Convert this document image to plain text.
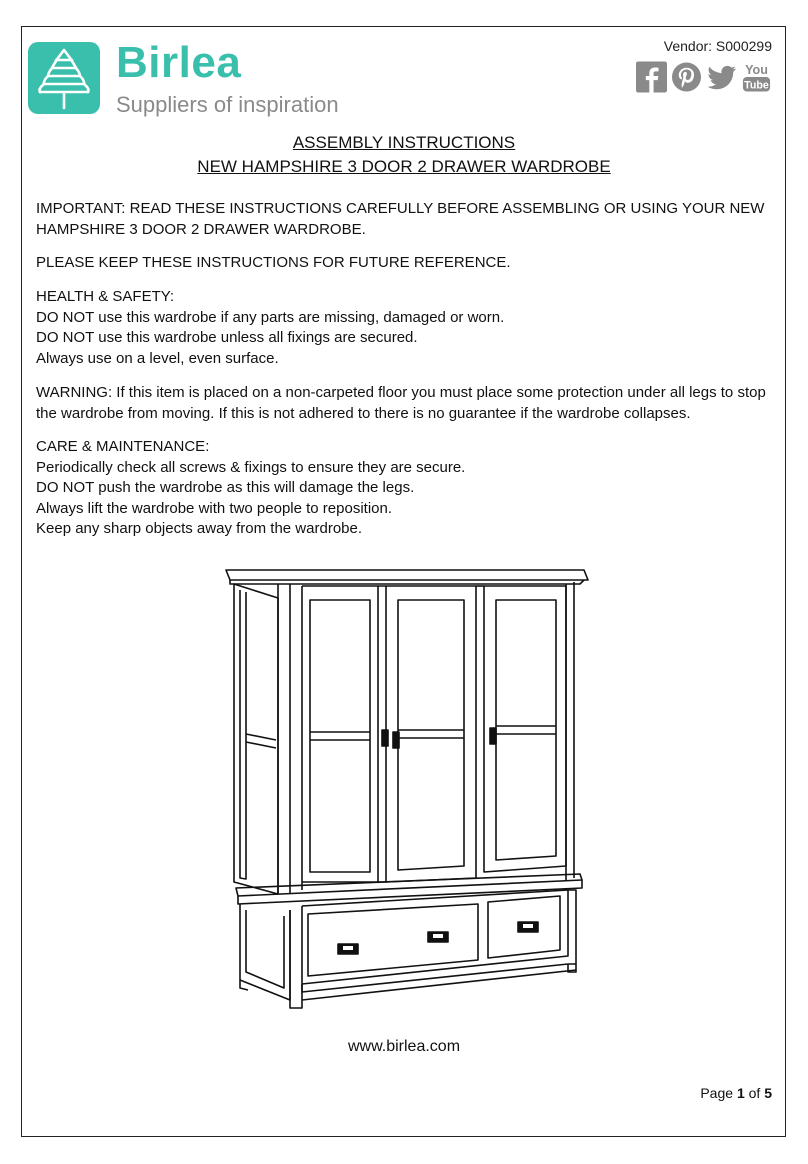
Birlea
Suppliers of inspiration
Vendor: S000299
You
Tube
ASSEMBLY INSTRUCTIONS
NEW HAMPSHIRE 3 DOOR 2 DRAWER WARDROBE

IMPORTANT: READ THESE INSTRUCTIONS CAREFULLY BEFORE ASSEMBLING OR USING YOUR NEW HAMPSHIRE 3 DOOR 2 DRAWER WARDROBE.

PLEASE KEEP THESE INSTRUCTIONS FOR FUTURE REFERENCE.

HEALTH & SAFETY:
DO NOT use this wardrobe if any parts are missing, damaged or worn.
DO NOT use this wardrobe unless all fixings are secured.
Always use on a level, even surface.

WARNING: If this item is placed on a non-carpeted floor you must place some protection under all legs to stop the wardrobe from moving. If this is not adhered to there is no guarantee if the wardrobe collapses.

CARE & MAINTENANCE:
Periodically check all screws & fixings to ensure they are secure.
DO NOT push the wardrobe as this will damage the legs.
Always lift the wardrobe with two people to reposition.
Keep any sharp objects away from the wardrobe.
www.birlea.com
Page 1 of 5
